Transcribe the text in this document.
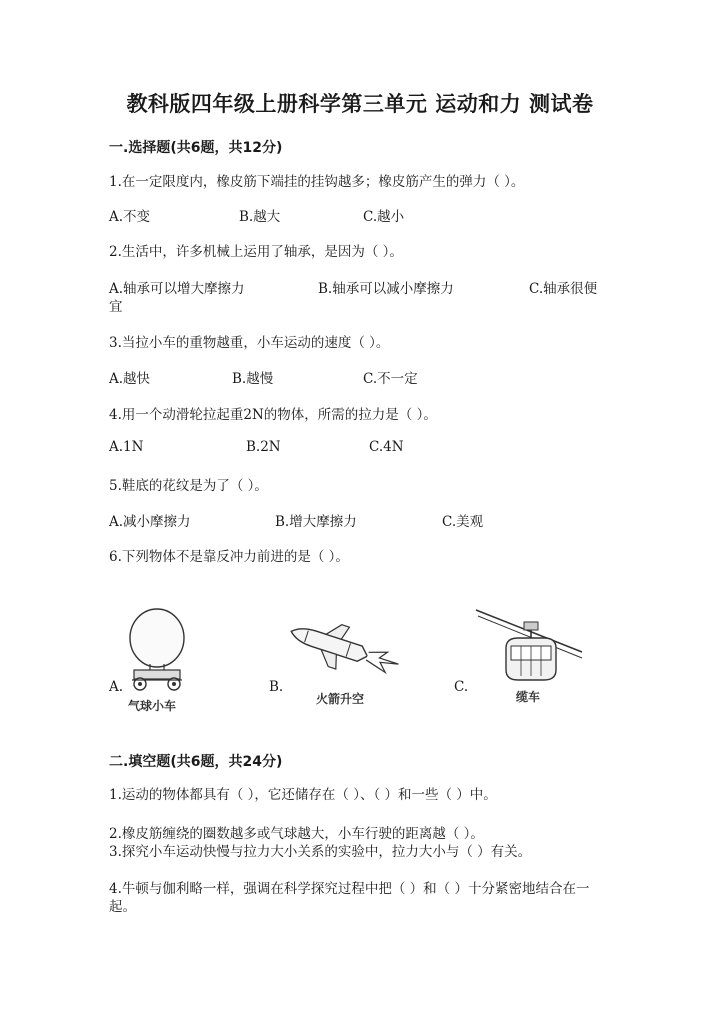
教科版四年级上册科学第三单元 运动和力 测试卷
一.选择题(共6题，共12分)
1.在一定限度内，橡皮筋下端挂的挂钩越多；橡皮筋产生的弹力（ ）。
A.不变	B.越大	C.越小
2.生活中，许多机械上运用了轴承，是因为（ ）。
A.轴承可以增大摩擦力	B.轴承可以减小摩擦力	C.轴承很便
宜
3.当拉小车的重物越重，小车运动的速度（ ）。
A.越快	B.越慢	C.不一定
4.用一个动滑轮拉起重2N的物体，所需的拉力是（ ）。
A.1N	B.2N	C.4N
5.鞋底的花纹是为了（ ）。
A.减小摩擦力	B.增大摩擦力	C.美观
6.下列物体不是靠反冲力前进的是（ ）。
A.	B.	C.
气球小车	火箭升空	缆车
二.填空题(共6题，共24分)
1.运动的物体都具有（ ），它还储存在（ ）、（ ）和一些（ ）中。
2.橡皮筋缠绕的圈数越多或气球越大，小车行驶的距离越（ ）。
3.探究小车运动快慢与拉力大小关系的实验中，拉力大小与（ ）有关。
4.牛顿与伽利略一样，强调在科学探究过程中把（ ）和（ ）十分紧密地结合在一起。
